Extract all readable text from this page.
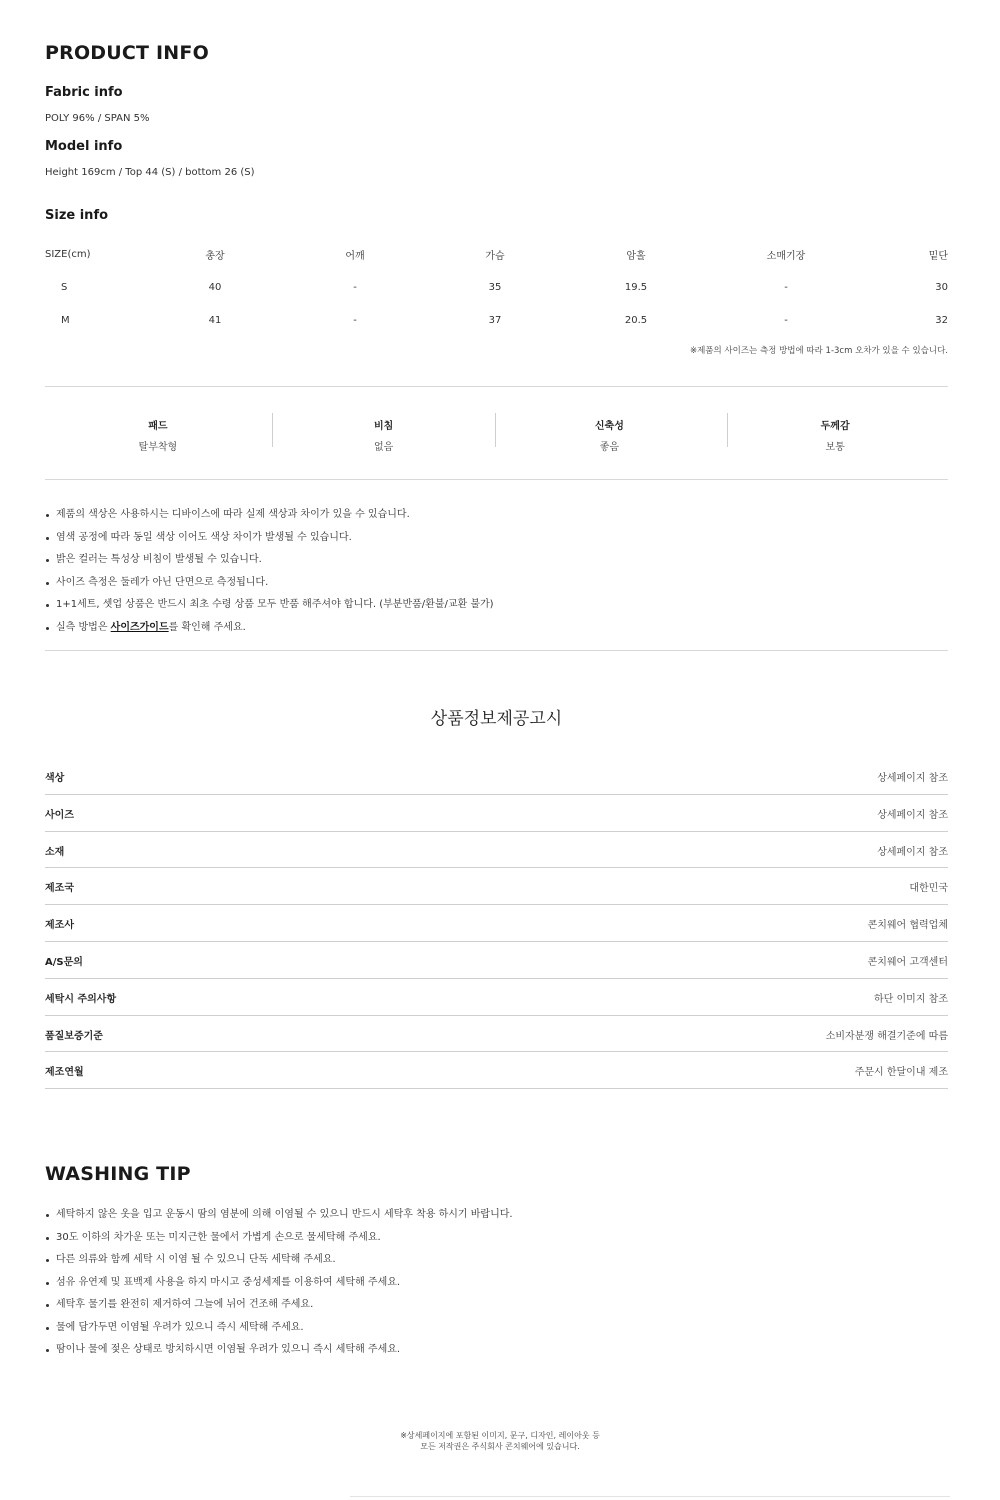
PRODUCT INFO
Fabric info
POLY 96% / SPAN 5%
Model info
Height 169cm / Top 44 (S) / bottom 26 (S)
Size info
SIZE(cm)	총장	어깨	가슴	암홀	소매기장	밑단
S	40	-	35	19.5	-	30
M	41	-	37	20.5	-	32
※제품의 사이즈는 측정 방법에 따라 1-3cm 오차가 있을 수 있습니다.
패드
탈부착형
비침
없음
신축성
좋음
두께감
보통
제품의 색상은 사용하시는 디바이스에 따라 실제 색상과 차이가 있을 수 있습니다.
염색 공정에 따라 동일 색상 이어도 색상 차이가 발생될 수 있습니다.
밝은 컬러는 특성상 비침이 발생될 수 있습니다.
사이즈 측정은 둘레가 아닌 단면으로 측정됩니다.
1+1세트, 셋업 상품은 반드시 최초 수령 상품 모두 반품 해주셔야 합니다. (부분반품/환불/교환 불가)
실측 방법은 사이즈가이드를 확인해 주세요.
상품정보제공고시
색상	상세페이지 참조
사이즈	상세페이지 참조
소재	상세페이지 참조
제조국	대한민국
제조사	콘치웨어 협력업체
A/S문의	콘치웨어 고객센터
세탁시 주의사항	하단 이미지 참조
품질보증기준	소비자분쟁 해결기준에 따름
제조연월	주문시 한달이내 제조
WASHING TIP
세탁하지 않은 옷을 입고 운동시 땀의 염분에 의해 이염될 수 있으니 반드시 세탁후 착용 하시기 바랍니다.
30도 이하의 차가운 또는 미지근한 물에서 가볍게 손으로 물세탁해 주세요.
다른 의류와 함께 세탁 시 이염 될 수 있으니 단독 세탁해 주세요.
섬유 유연제 및 표백제 사용을 하지 마시고 중성세제를 이용하여 세탁해 주세요.
세탁후 물기를 완전히 제거하여 그늘에 뉘어 건조해 주세요.
물에 담가두면 이염될 우려가 있으니 즉시 세탁해 주세요.
땀이나 물에 젖은 상태로 방치하시면 이염될 우려가 있으니 즉시 세탁해 주세요.
※상세페이지에 포함된 이미지, 문구, 디자인, 레이아웃 등
모든 저작권은 주식회사 콘치웨어에 있습니다.
